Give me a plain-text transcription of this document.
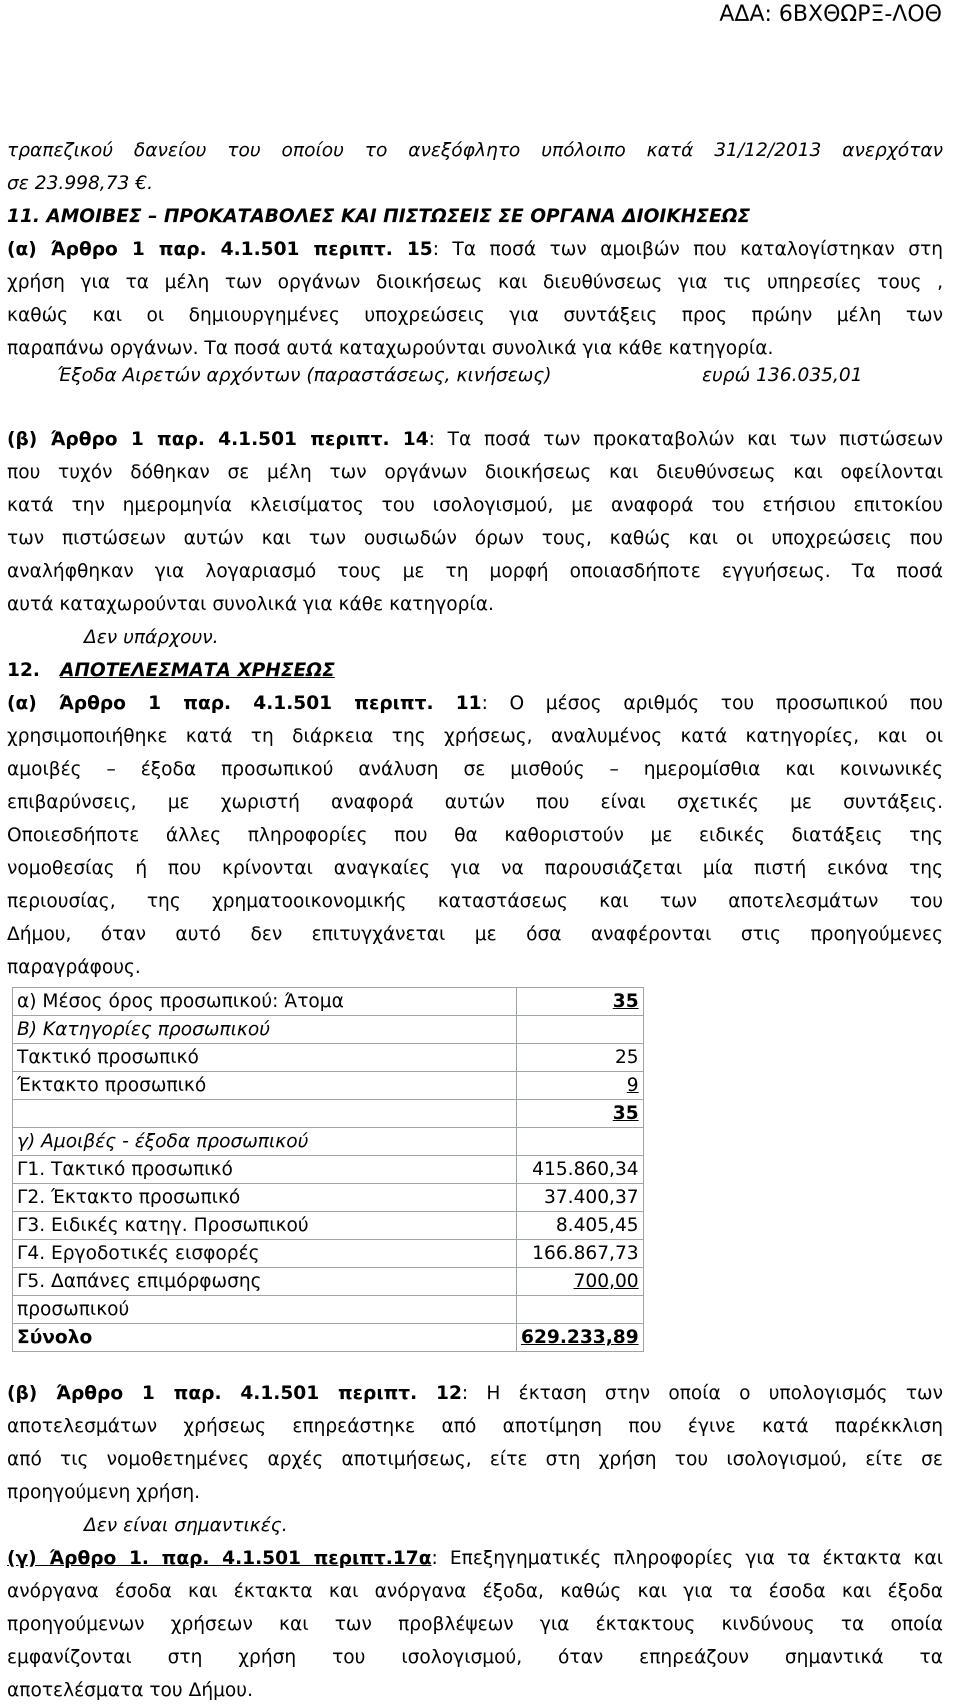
ΑΔΑ: 6ΒΧΘΩΡΞ-ΛΟΘ

τραπεζικού δανείου του οποίου το ανεξόφλητο υπόλοιπο κατά 31/12/2013 ανερχόταν

σε 23.998,73 €.

11. ΑΜΟΙΒΕΣ – ΠΡΟΚΑΤΑΒΟΛΕΣ ΚΑΙ ΠΙΣΤΩΣΕΙΣ ΣΕ ΟΡΓΑΝΑ ΔΙΟΙΚΗΣΕΩΣ

(α) Άρθρο 1 παρ. 4.1.501 περιπτ. 15: Τα ποσά των αμοιβών που καταλογίστηκαν στη

χρήση για τα μέλη των οργάνων διοικήσεως και διευθύνσεως για τις υπηρεσίες τους ,

καθώς και οι δημιουργημένες υποχρεώσεις για συντάξεις προς πρώην μέλη των

παραπάνω οργάνων. Τα ποσά αυτά καταχωρούνται συνολικά για κάθε κατηγορία.

Έξοδα Αιρετών αρχόντων (παραστάσεως, κινήσεως)	ευρώ 136.035,01

(β) Άρθρο 1 παρ. 4.1.501 περιπτ. 14: Τα ποσά των προκαταβολών και των πιστώσεων

που τυχόν δόθηκαν σε μέλη των οργάνων διοικήσεως και διευθύνσεως και οφείλονται

κατά την ημερομηνία κλεισίματος του ισολογισμού, με αναφορά του ετήσιου επιτοκίου

των πιστώσεων αυτών και των ουσιωδών όρων τους, καθώς και οι υποχρεώσεις που

αναλήφθηκαν για λογαριασμό τους με τη μορφή οποιασδήποτε εγγυήσεως. Τα ποσά

αυτά καταχωρούνται συνολικά για κάθε κατηγορία.

Δεν υπάρχουν.

12. ΑΠΟΤΕΛΕΣΜΑΤΑ ΧΡΗΣΕΩΣ

(α) Άρθρο 1 παρ. 4.1.501 περιπτ. 11: Ο μέσος αριθμός του προσωπικού που

χρησιμοποιήθηκε κατά τη διάρκεια της χρήσεως, αναλυμένος κατά κατηγορίες, και οι

αμοιβές – έξοδα προσωπικού ανάλυση σε μισθούς – ημερομίσθια και κοινωνικές

επιβαρύνσεις, με χωριστή αναφορά αυτών που είναι σχετικές με συντάξεις.

Οποιεσδήποτε άλλες πληροφορίες που θα καθοριστούν με ειδικές διατάξεις της

νομοθεσίας ή που κρίνονται αναγκαίες για να παρουσιάζεται μία πιστή εικόνα της

περιουσίας, της χρηματοοικονομικής καταστάσεως και των αποτελεσμάτων του

Δήμου, όταν αυτό δεν επιτυγχάνεται με όσα αναφέρονται στις προηγούμενες

παραγράφους.

α) Μέσος όρος προσωπικού: Άτομα	35
Β) Κατηγορίες προσωπικού	
Τακτικό προσωπικό	25
Έκτακτο προσωπικό	9
	35
γ) Αμοιβές - έξοδα προσωπικού	
Γ1. Τακτικό προσωπικό	415.860,34
Γ2. Έκτακτο προσωπικό	37.400,37
Γ3. Ειδικές κατηγ. Προσωπικού	8.405,45
Γ4. Εργοδοτικές εισφορές	166.867,73
Γ5. Δαπάνες επιμόρφωσης	700,00
προσωπικού	
Σύνολο	629.233,89

(β) Άρθρο 1 παρ. 4.1.501 περιπτ. 12: Η έκταση στην οποία ο υπολογισμός των

αποτελεσμάτων χρήσεως επηρεάστηκε από αποτίμηση που έγινε κατά παρέκκλιση

από τις νομοθετημένες αρχές αποτιμήσεως, είτε στη χρήση του ισολογισμού, είτε σε

προηγούμενη χρήση.

Δεν είναι σημαντικές.

(γ) Άρθρο 1. παρ. 4.1.501 περιπτ.17α: Επεξηγηματικές πληροφορίες για τα έκτακτα και

ανόργανα έσοδα και έκτακτα και ανόργανα έξοδα, καθώς και για τα έσοδα και έξοδα

προηγούμενων χρήσεων και των προβλέψεων για έκτακτους κινδύνους τα οποία

εμφανίζονται στη χρήση του ισολογισμού, όταν επηρεάζουν σημαντικά τα

αποτελέσματα του Δήμου.
